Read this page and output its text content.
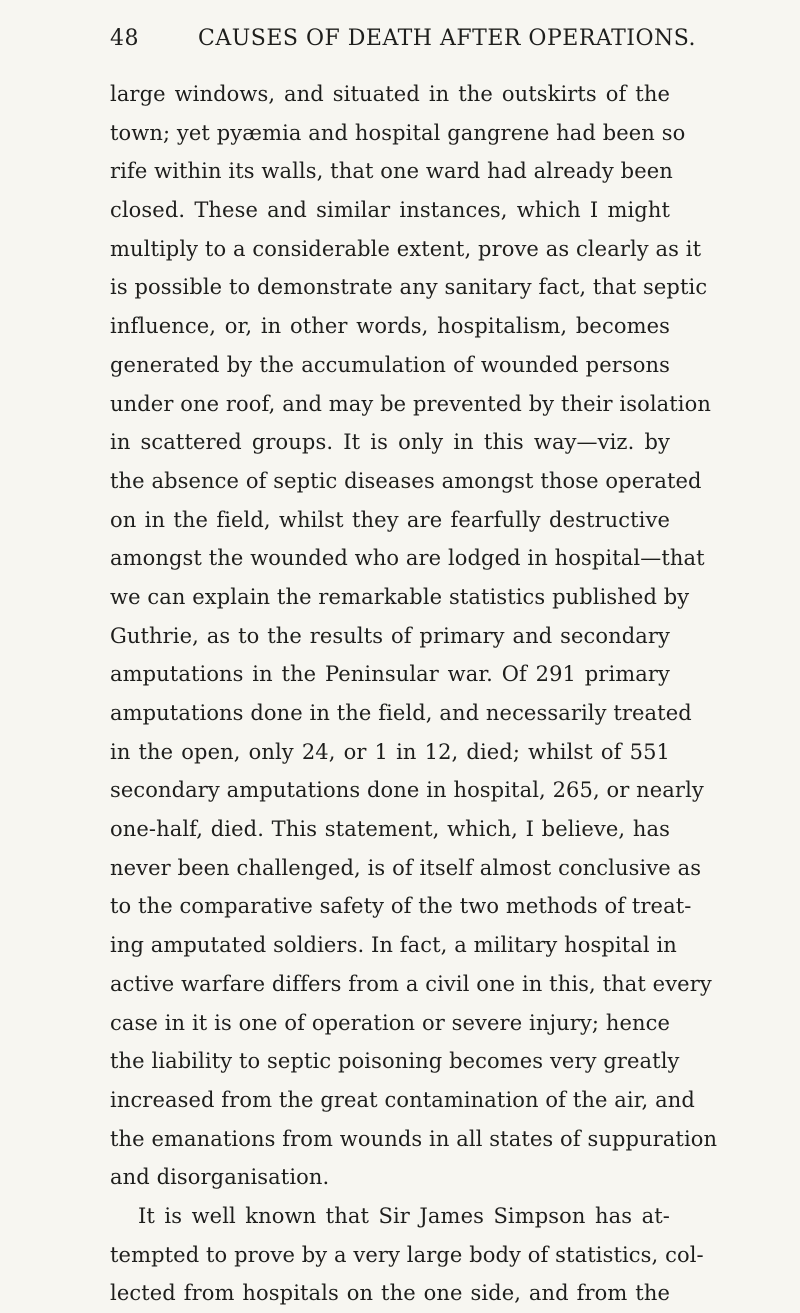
48	CAUSES OF DEATH AFTER OPERATIONS.
large windows, and situated in the outskirts of the
town; yet pyæmia and hospital gangrene had been so
rife within its walls, that one ward had already been
closed. These and similar instances, which I might
multiply to a considerable extent, prove as clearly as it
is possible to demonstrate any sanitary fact, that septic
influence, or, in other words, hospitalism, becomes
generated by the accumulation of wounded persons
under one roof, and may be prevented by their isolation
in scattered groups. It is only in this way—viz. by
the absence of septic diseases amongst those operated
on in the field, whilst they are fearfully destructive
amongst the wounded who are lodged in hospital—that
we can explain the remarkable statistics published by
Guthrie, as to the results of primary and secondary
amputations in the Peninsular war. Of 291 primary
amputations done in the field, and necessarily treated
in the open, only 24, or 1 in 12, died; whilst of 551
secondary amputations done in hospital, 265, or nearly
one-half, died. This statement, which, I believe, has
never been challenged, is of itself almost conclusive as
to the comparative safety of the two methods of treat-
ing amputated soldiers. In fact, a military hospital in
active warfare differs from a civil one in this, that every
case in it is one of operation or severe injury; hence
the liability to septic poisoning becomes very greatly
increased from the great contamination of the air, and
the emanations from wounds in all states of suppuration
and disorganisation.
It is well known that Sir James Simpson has at-
tempted to prove by a very large body of statistics, col-
lected from hospitals on the one side, and from the
